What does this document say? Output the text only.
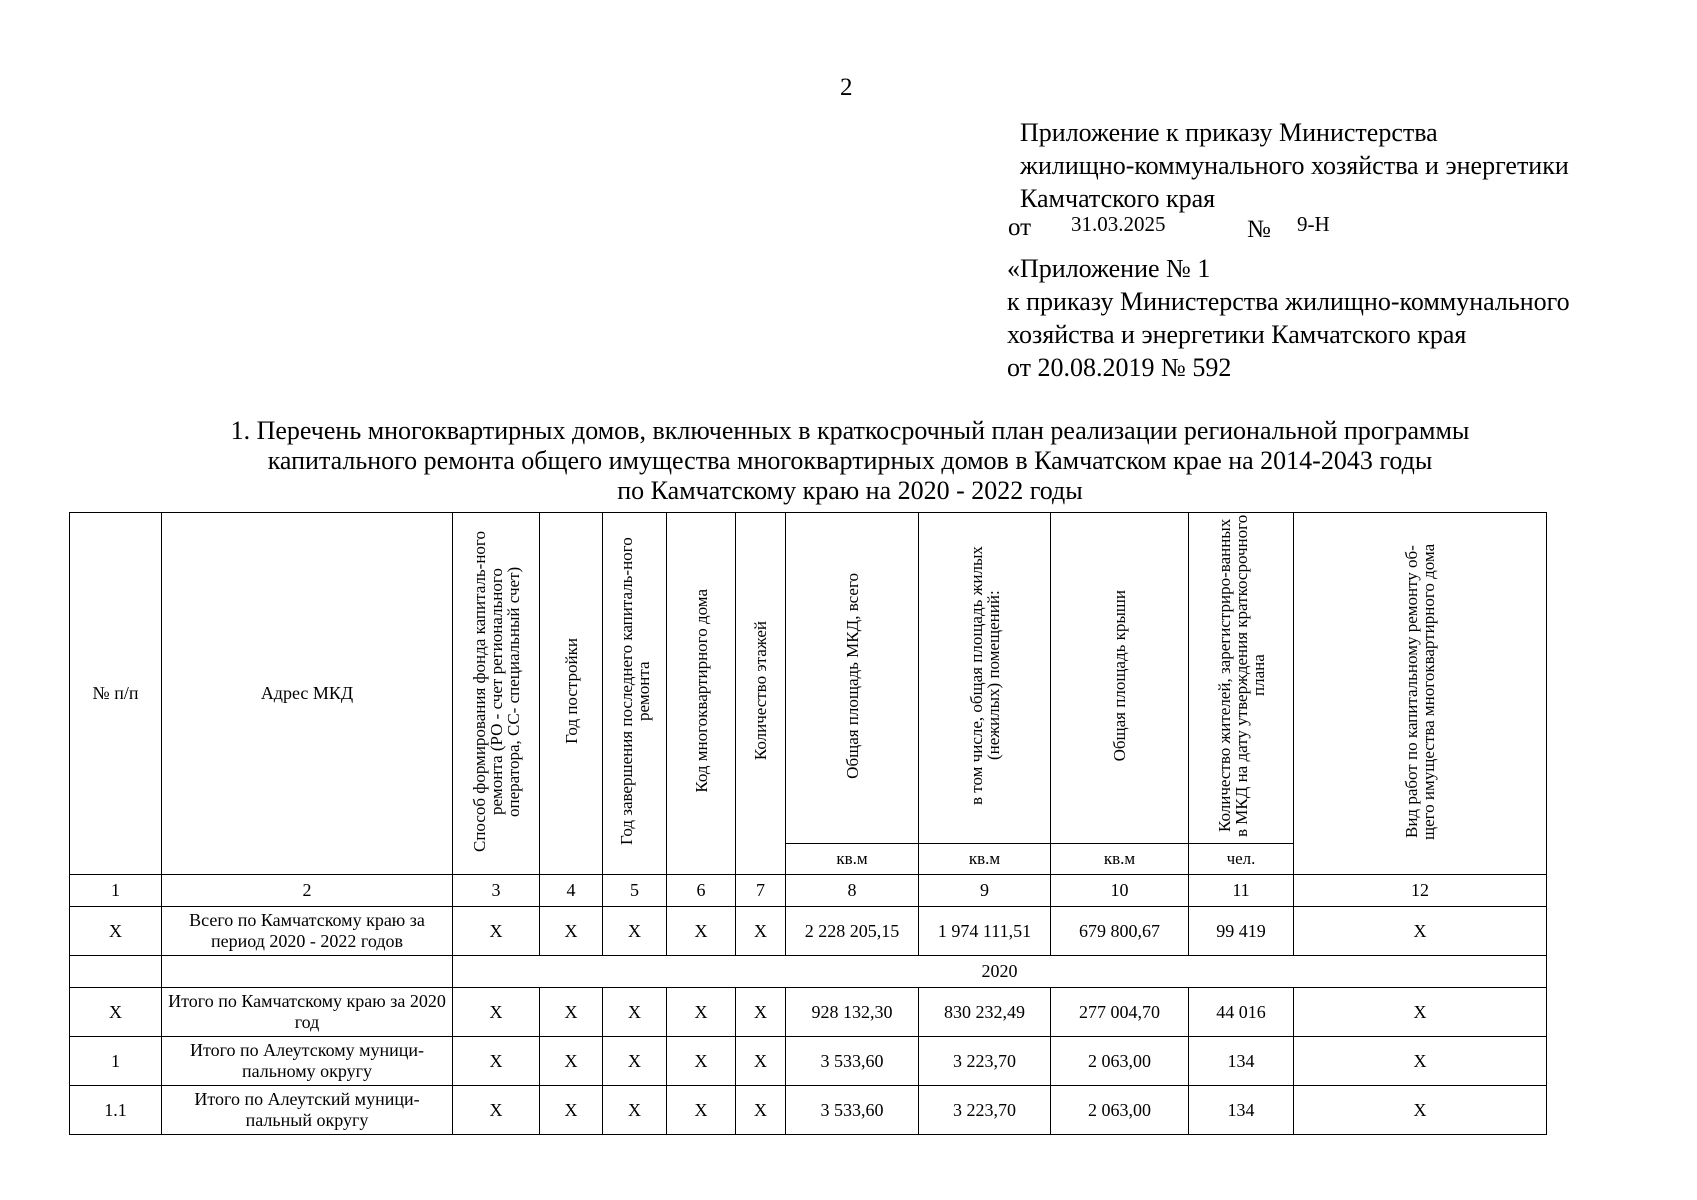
2
Приложение к приказу Министерства
жилищно-коммунального хозяйства и энергетики
Камчатского края
от 31.03.2025	№ 9-Н
«Приложение № 1
к приказу Министерства жилищно-коммунального
хозяйства и энергетики Камчатского края
от 20.08.2019 № 592
1. Перечень многоквартирных домов, включенных в краткосрочный план реализации региональной программы
капитального ремонта общего имущества многоквартирных домов в Камчатском крае на 2014-2043 годы
по Камчатскому краю на 2020 - 2022 годы
№ п/п	Адрес МКД	Способ формирования фонда капиталь-ного ремонта (РО - счет регионального оператора, СС- специальный счет)	Год постройки	Год завершения последнего капиталь-ного ремонта	Код многоквартирного дома	Количество этажей	Общая площадь МКД, всего	в том числе, общая площадь жилых (нежилых) помещений:	Общая площадь крыши	Количество жителей, зарегистриро-ванных в МКД на дату утверждения краткосрочного плана	Вид работ по капитальному ремонту об-щего имущества многоквартирного дома
							кв.м	кв.м	кв.м	чел.	
1	2	3	4	5	6	7	8	9	10	11	12
X	Всего по Камчатскому краю за период 2020 - 2022 годов	X	X	X	X	X	2 228 205,15	1 974 111,51	679 800,67	99 419	X
		2020									
X	Итого по Камчатскому краю за 2020 год	X	X	X	X	X	928 132,30	830 232,49	277 004,70	44 016	X
1	Итого по Алеутскому муници-пальному округу	X	X	X	X	X	3 533,60	3 223,70	2 063,00	134	X
1.1	Итого по Алеутский муници-пальный округу	X	X	X	X	X	3 533,60	3 223,70	2 063,00	134	X
